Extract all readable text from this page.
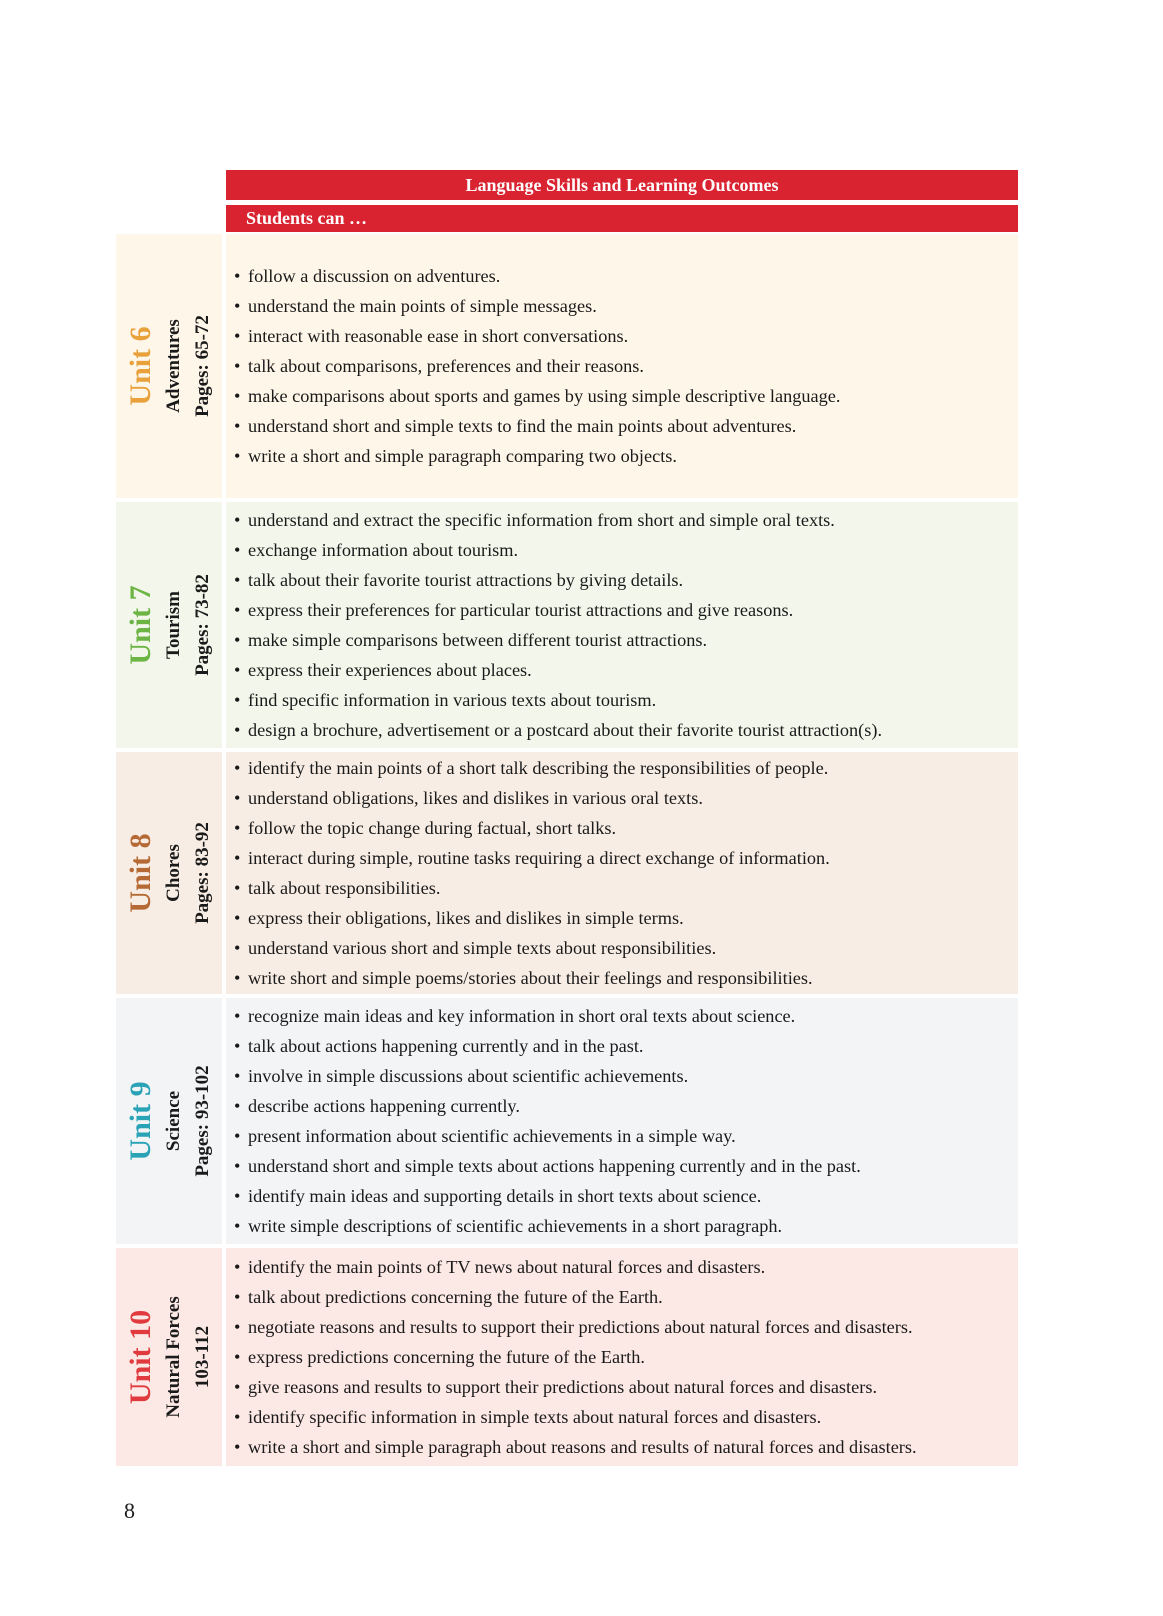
Language Skills and Learning Outcomes
Students can …
Unit 6 Adventures Pages: 65-72
• follow a discussion on adventures.
• understand the main points of simple messages.
• interact with reasonable ease in short conversations.
• talk about comparisons, preferences and their reasons.
• make comparisons about sports and games by using simple descriptive language.
• understand short and simple texts to find the main points about adventures.
• write a short and simple paragraph comparing two objects.
Unit 7 Tourism Pages: 73-82
• understand and extract the specific information from short and simple oral texts.
• exchange information about tourism.
• talk about their favorite tourist attractions by giving details.
• express their preferences for particular tourist attractions and give reasons.
• make simple comparisons between different tourist attractions.
• express their experiences about places.
• find specific information in various texts about tourism.
• design a brochure, advertisement or a postcard about their favorite tourist attraction(s).
Unit 8 Chores Pages: 83-92
• identify the main points of a short talk describing the responsibilities of people.
• understand obligations, likes and dislikes in various oral texts.
• follow the topic change during factual, short talks.
• interact during simple, routine tasks requiring a direct exchange of information.
• talk about responsibilities.
• express their obligations, likes and dislikes in simple terms.
• understand various short and simple texts about responsibilities.
• write short and simple poems/stories about their feelings and responsibilities.
Unit 9 Science Pages: 93-102
• recognize main ideas and key information in short oral texts about science.
• talk about actions happening currently and in the past.
• involve in simple discussions about scientific achievements.
• describe actions happening currently.
• present information about scientific achievements in a simple way.
• understand short and simple texts about actions happening currently and in the past.
• identify main ideas and supporting details in short texts about science.
• write simple descriptions of scientific achievements in a short paragraph.
Unit 10 Natural Forces 103-112
• identify the main points of TV news about natural forces and disasters.
• talk about predictions concerning the future of the Earth.
• negotiate reasons and results to support their predictions about natural forces and disasters.
• express predictions concerning the future of the Earth.
• give reasons and results to support their predictions about natural forces and disasters.
• identify specific information in simple texts about natural forces and disasters.
• write a short and simple paragraph about reasons and results of natural forces and disasters.
8
